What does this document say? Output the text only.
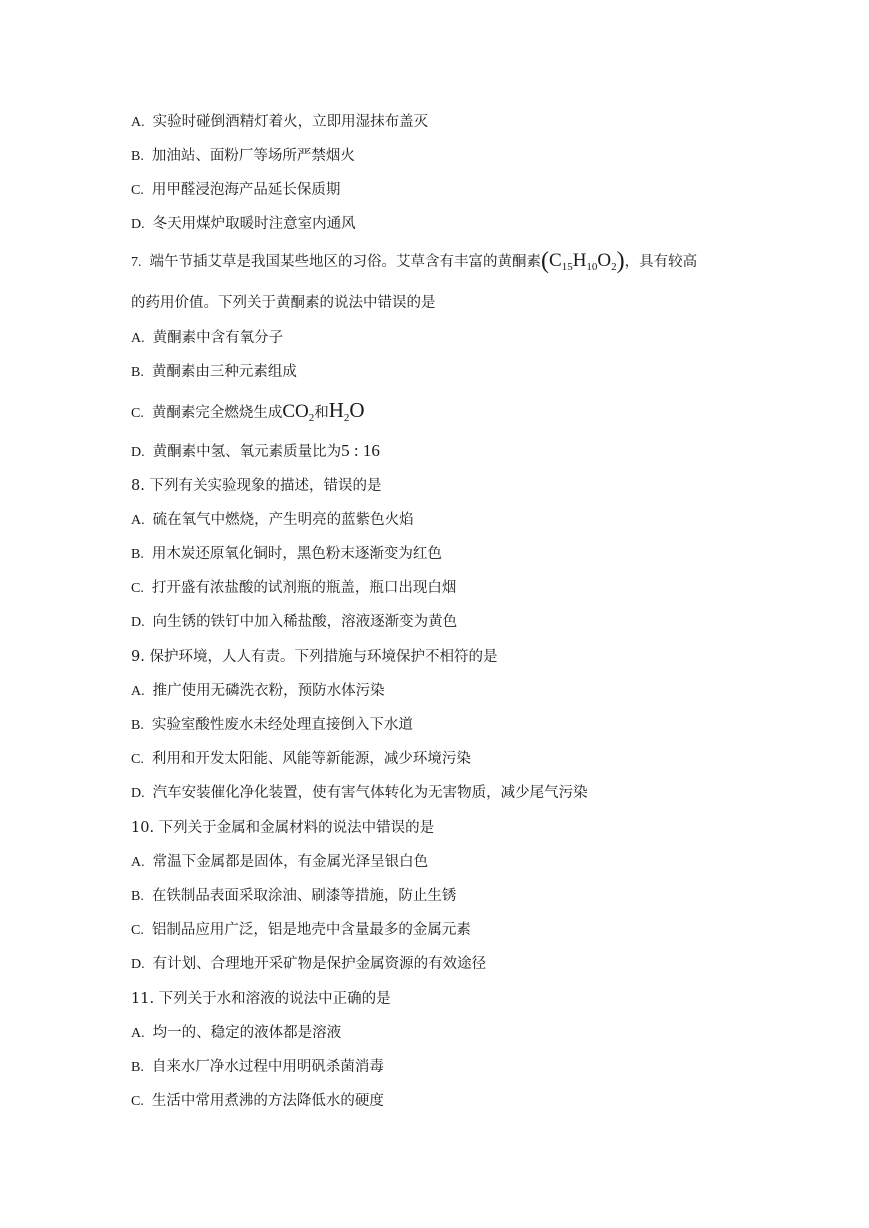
A. 实验时碰倒酒精灯着火，立即用湿抹布盖灭
B. 加油站、面粉厂等场所严禁烟火
C. 用甲醛浸泡海产品延长保质期
D. 冬天用煤炉取暖时注意室内通风
7. 端午节插艾草是我国某些地区的习俗。艾草含有丰富的黄酮素$(C_{15}H_{10}O_2)$，具有较高
的药用价值。下列关于黄酮素的说法中错误的是
A. 黄酮素中含有氧分子
B. 黄酮素由三种元素组成
C. 黄酮素完全燃烧生成$CO_2$和$H_2O$
D. 黄酮素中氢、氧元素质量比为5 : 16
8. 下列有关实验现象的描述，错误的是
A. 硫在氧气中燃烧，产生明亮的蓝紫色火焰
B. 用木炭还原氧化铜时，黑色粉末逐渐变为红色
C. 打开盛有浓盐酸的试剂瓶的瓶盖，瓶口出现白烟
D. 向生锈的铁钉中加入稀盐酸，溶液逐渐变为黄色
9. 保护环境，人人有责。下列措施与环境保护不相符的是
A. 推广使用无磷洗衣粉，预防水体污染
B. 实验室酸性废水未经处理直接倒入下水道
C. 利用和开发太阳能、风能等新能源，减少环境污染
D. 汽车安装催化净化装置，使有害气体转化为无害物质，减少尾气污染
10. 下列关于金属和金属材料的说法中错误的是
A. 常温下金属都是固体，有金属光泽呈银白色
B. 在铁制品表面采取涂油、刷漆等措施，防止生锈
C. 铝制品应用广泛，铝是地壳中含量最多的金属元素
D. 有计划、合理地开采矿物是保护金属资源的有效途径
11. 下列关于水和溶液的说法中正确的是
A. 均一的、稳定的液体都是溶液
B. 自来水厂净水过程中用明矾杀菌消毒
C. 生活中常用煮沸的方法降低水的硬度
